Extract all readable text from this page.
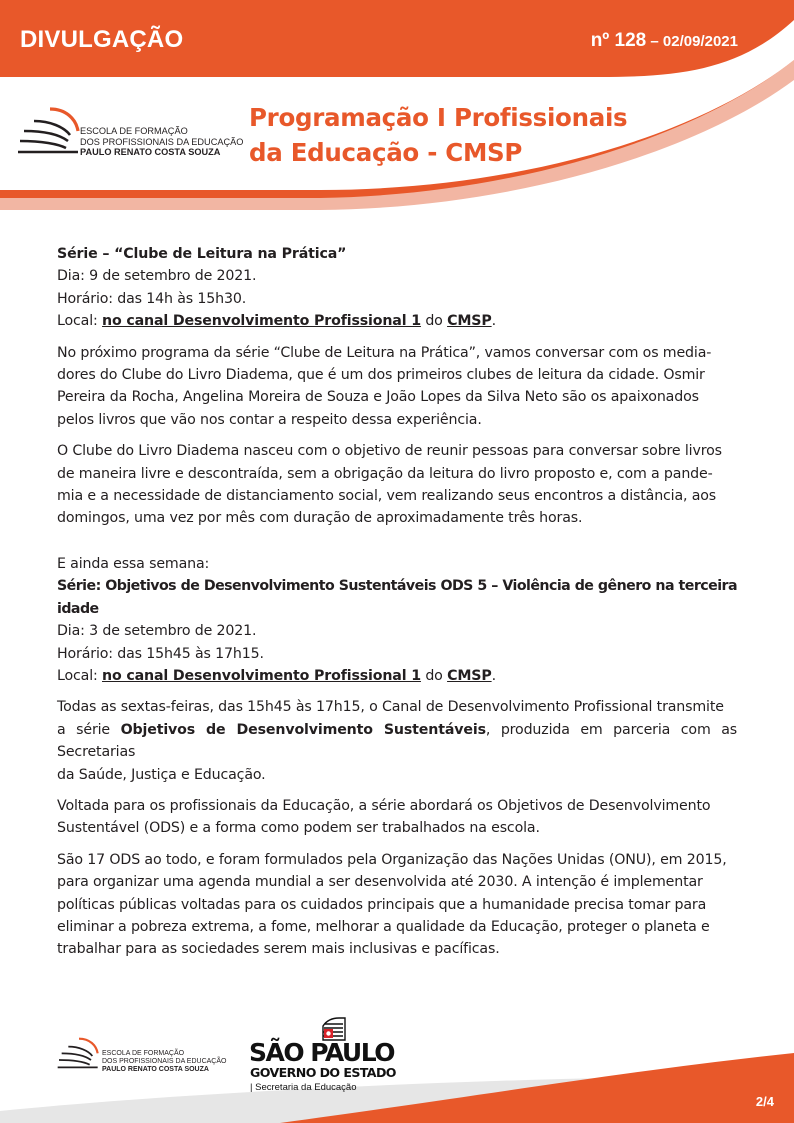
DIVULGAÇÃO	nº 128 – 02/09/2021
ESCOLA DE FORMAÇÃO
DOS PROFISSIONAIS DA EDUCAÇÃO
PAULO RENATO COSTA SOUZA
Programação I Profissionais
da Educação - CMSP

Série – “Clube de Leitura na Prática”
Dia: 9 de setembro de 2021.
Horário: das 14h às 15h30.
Local: no canal Desenvolvimento Profissional 1 do CMSP.

No próximo programa da série “Clube de Leitura na Prática”, vamos conversar com os media-
dores do Clube do Livro Diadema, que é um dos primeiros clubes de leitura da cidade. Osmir
Pereira da Rocha, Angelina Moreira de Souza e João Lopes da Silva Neto são os apaixonados
pelos livros que vão nos contar a respeito dessa experiência.

O Clube do Livro Diadema nasceu com o objetivo de reunir pessoas para conversar sobre livros
de maneira livre e descontraída, sem a obrigação da leitura do livro proposto e, com a pande-
mia e a necessidade de distanciamento social, vem realizando seus encontros a distância, aos
domingos, uma vez por mês com duração de aproximadamente três horas.

E ainda essa semana:
Série: Objetivos de Desenvolvimento Sustentáveis ODS 5 – Violência de gênero na terceira idade
Dia: 3 de setembro de 2021.
Horário: das 15h45 às 17h15.
Local: no canal Desenvolvimento Profissional 1 do CMSP.

Todas as sextas-feiras, das 15h45 às 17h15, o Canal de Desenvolvimento Profissional transmite
a série Objetivos de Desenvolvimento Sustentáveis, produzida em parceria com as Secretarias
da Saúde, Justiça e Educação.

Voltada para os profissionais da Educação, a série abordará os Objetivos de Desenvolvimento
Sustentável (ODS) e a forma como podem ser trabalhados na escola.

São 17 ODS ao todo, e foram formulados pela Organização das Nações Unidas (ONU), em 2015,
para organizar uma agenda mundial a ser desenvolvida até 2030. A intenção é implementar
políticas públicas voltadas para os cuidados principais que a humanidade precisa tomar para
eliminar a pobreza extrema, a fome, melhorar a qualidade da Educação, proteger o planeta e
trabalhar para as sociedades serem mais inclusivas e pacíficas.

ESCOLA DE FORMAÇÃO
DOS PROFISSIONAIS DA EDUCAÇÃO
PAULO RENATO COSTA SOUZA
SÃO PAULO
GOVERNO DO ESTADO
| Secretaria da Educação
2/4
